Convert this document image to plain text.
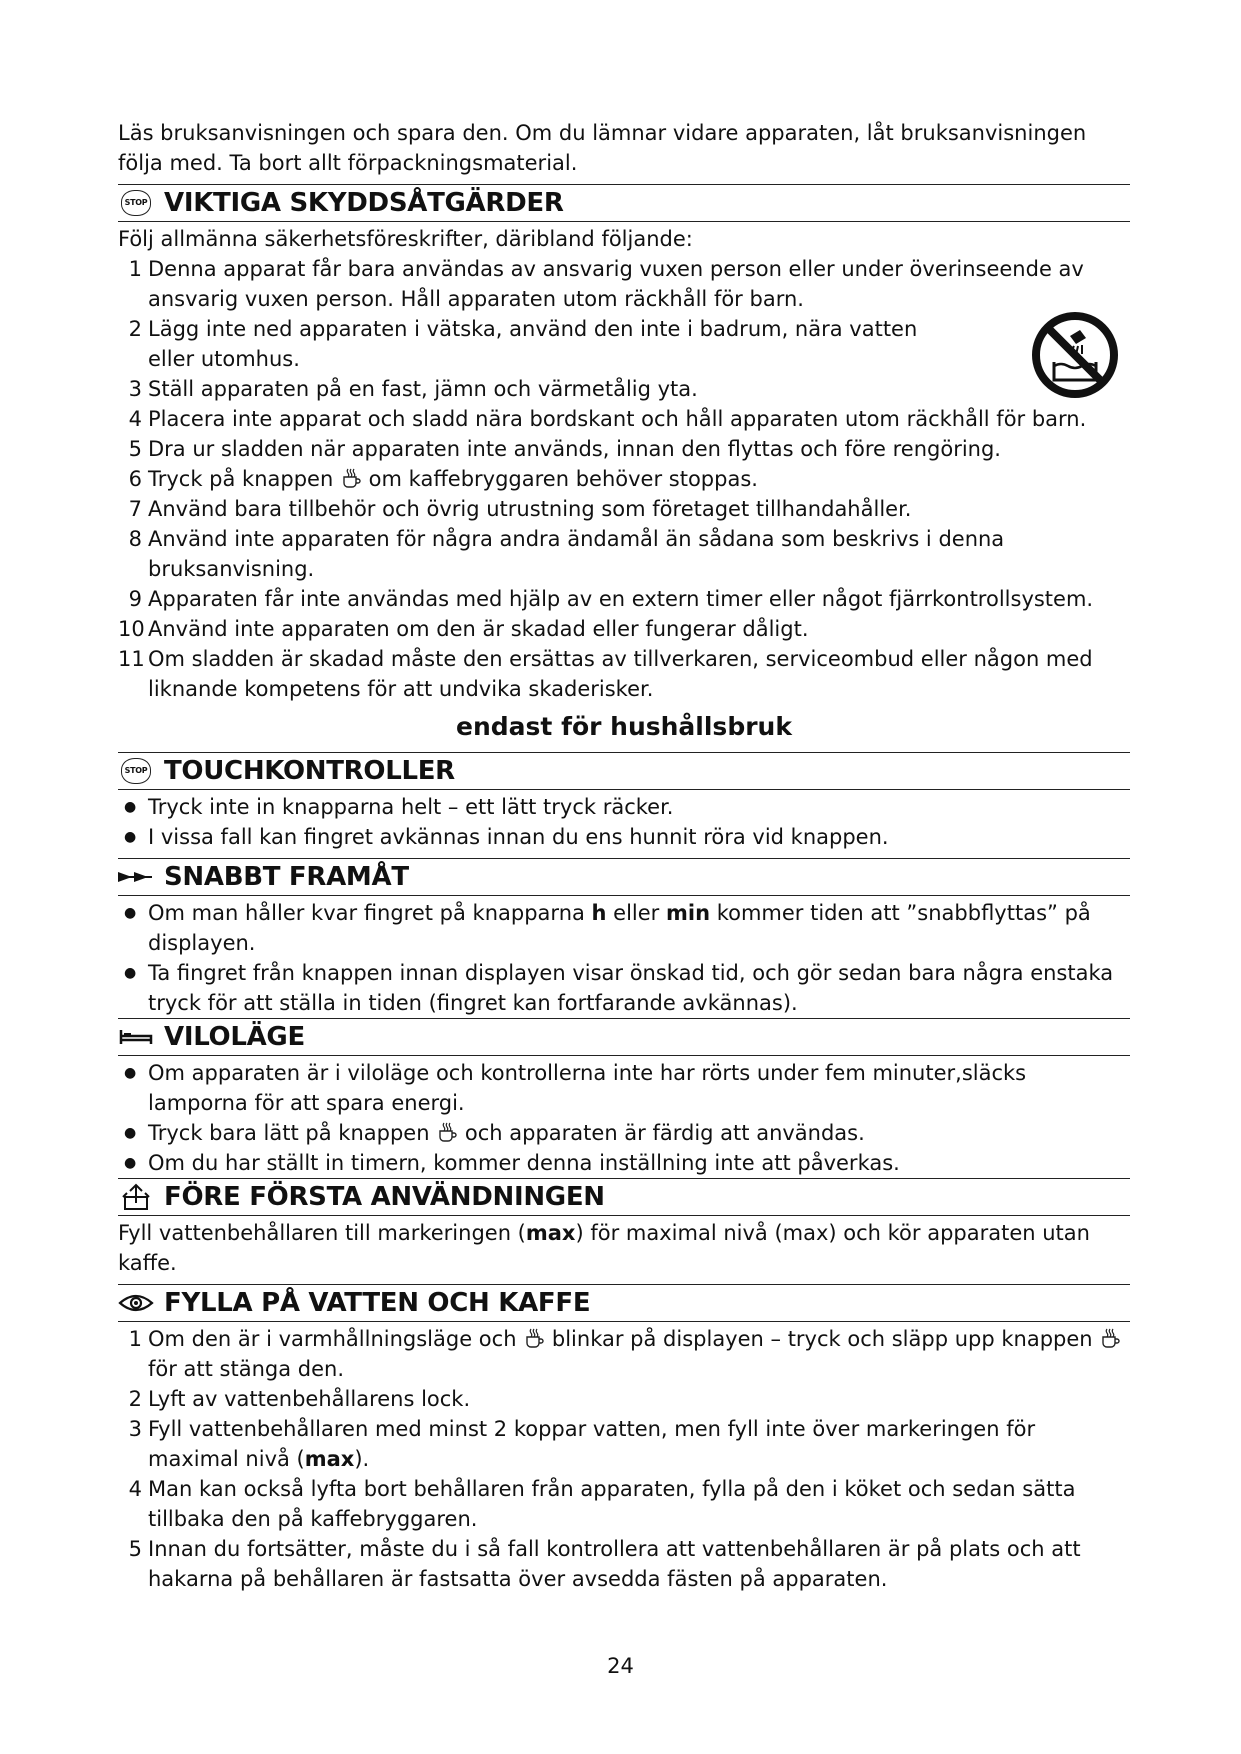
Läs bruksanvisningen och spara den. Om du lämnar vidare apparaten, låt bruksanvisningen följa med. Ta bort allt förpackningsmaterial.

STOP VIKTIGA SKYDDSÅTGÄRDER

Följ allmänna säkerhetsföreskrifter, däribland följande:

1 Denna apparat får bara användas av ansvarig vuxen person eller under överinseende av ansvarig vuxen person. Håll apparaten utom räckhåll för barn.
2 Lägg inte ned apparaten i vätska, använd den inte i badrum, nära vatten eller utomhus.
3 Ställ apparaten på en fast, jämn och värmetålig yta.
4 Placera inte apparat och sladd nära bordskant och håll apparaten utom räckhåll för barn.
5 Dra ur sladden när apparaten inte används, innan den flyttas och före rengöring.
6 Tryck på knappen om kaffebryggaren behöver stoppas.
7 Använd bara tillbehör och övrig utrustning som företaget tillhandahåller.
8 Använd inte apparaten för några andra ändamål än sådana som beskrivs i denna bruksanvisning.
9 Apparaten får inte användas med hjälp av en extern timer eller något fjärrkontrollsystem.
10 Använd inte apparaten om den är skadad eller fungerar dåligt.
11 Om sladden är skadad måste den ersättas av tillverkaren, serviceombud eller någon med liknande kompetens för att undvika skaderisker.

endast för hushållsbruk

STOP TOUCHKONTROLLER
● Tryck inte in knapparna helt – ett lätt tryck räcker.
● I vissa fall kan fingret avkännas innan du ens hunnit röra vid knappen.
SNABBT FRAMÅT
● Om man håller kvar fingret på knapparna h eller min kommer tiden att ”snabbflyttas” på displayen.
● Ta fingret från knappen innan displayen visar önskad tid, och gör sedan bara några enstaka tryck för att ställa in tiden (fingret kan fortfarande avkännas).
VILOLÄGE
● Om apparaten är i viloläge och kontrollerna inte har rörts under fem minuter,släcks lamporna för att spara energi.
● Tryck bara lätt på knappen och apparaten är färdig att användas.
● Om du har ställt in timern, kommer denna inställning inte att påverkas.
FÖRE FÖRSTA ANVÄNDNINGEN

Fyll vattenbehållaren till markeringen (max) för maximal nivå (max) och kör apparaten utan kaffe.

FYLLA PÅ VATTEN OCH KAFFE
1 Om den är i varmhållningsläge och blinkar på displayen – tryck och släpp upp knappen  för att stänga den.
2 Lyft av vattenbehållarens lock.
3 Fyll vattenbehållaren med minst 2 koppar vatten, men fyll inte över markeringen för maximal nivå (max).
4 Man kan också lyfta bort behållaren från apparaten, fylla på den i köket och sedan sätta tillbaka den på kaffebryggaren.
5 Innan du fortsätter, måste du i så fall kontrollera att vattenbehållaren är på plats och att hakarna på behållaren är fastsatta över avsedda fästen på apparaten.
24
